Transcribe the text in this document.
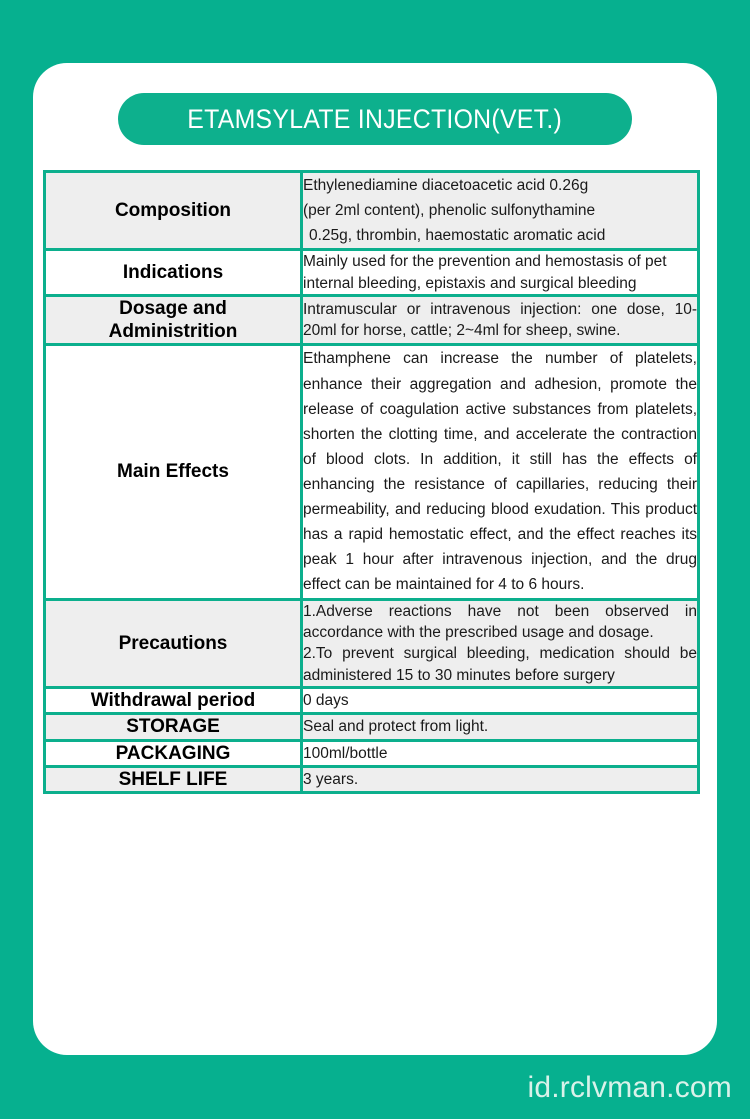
ETAMSYLATE INJECTION(VET.)
Composition	Ethylenediamine diacetoacetic acid 0.26g
(per 2ml content), phenolic sulfonythamine
0.25g, thrombin, haemostatic aromatic acid

Indications	Mainly used for the prevention and hemostasis of pet internal bleeding, epistaxis and surgical bleeding
Dosage and
Administrition	Intramuscular or intravenous injection: one dose, 10-20ml for horse, cattle; 2~4ml for sheep, swine.
Main Effects	Ethamphene can increase the number of platelets, enhance their aggregation and adhesion, promote the release of coagulation active substances from platelets, shorten the clotting time, and accelerate the contraction of blood clots. In addition, it still has the effects of enhancing the resistance of capillaries, reducing their permeability, and reducing blood exudation. This product has a rapid hemostatic effect, and the effect reaches its peak 1 hour after intravenous injection, and the drug effect can be maintained for 4 to 6 hours.
Precautions	1.Adverse reactions have not been observed in accordance with the prescribed usage and dosage.

2.To prevent surgical bleeding, medication should be administered 15 to 30 minutes before surgery

Withdrawal period	0 days
STORAGE	Seal and protect from light.
PACKAGING	100ml/bottle
SHELF LIFE	3 years.
id.rclvman.com
